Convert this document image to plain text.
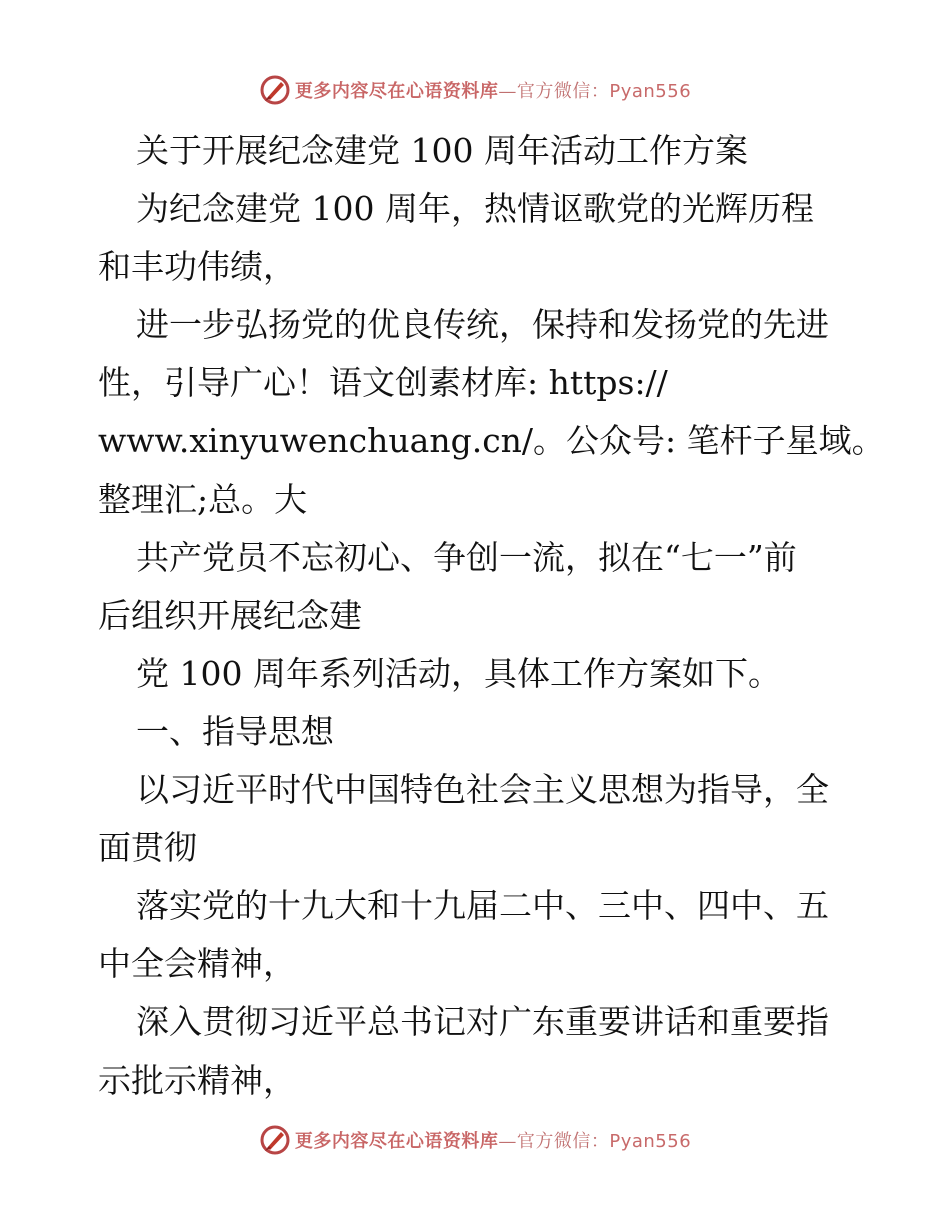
更多内容尽在心语资料库—官方微信：Pyan556
关于开展纪念建党 100 周年活动工作方案
为纪念建党 100 周年，热情讴歌党的光辉历程
和丰功伟绩，
进一步弘扬党的优良传统，保持和发扬党的先进
性，引导广心！语文创素材库: https://
www.xinyuwenchuang.cn/。公众号: 笔杆子星域。
整理汇;总。大
共产党员不忘初心、争创一流，拟在“七一”前
后组织开展纪念建
党 100 周年系列活动，具体工作方案如下。
一、指导思想
以习近平时代中国特色社会主义思想为指导，全
面贯彻
落实党的十九大和十九届二中、三中、四中、五
中全会精神，
深入贯彻习近平总书记对广东重要讲话和重要指
示批示精神，
更多内容尽在心语资料库—官方微信：Pyan556
